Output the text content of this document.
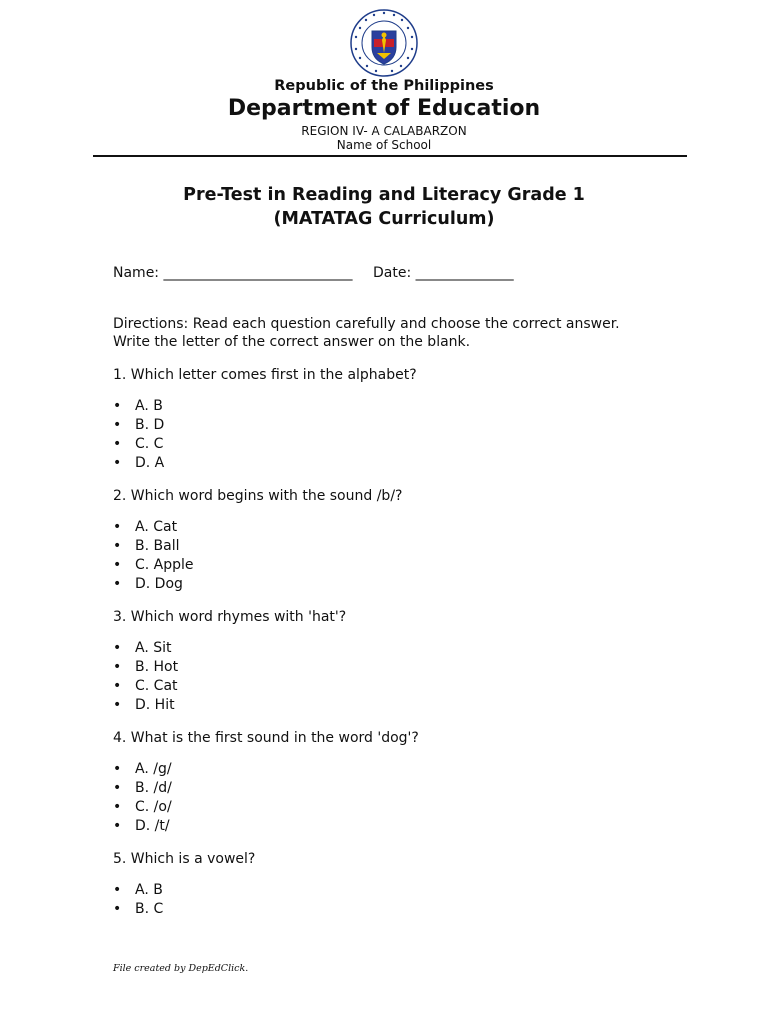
Republic of the Philippines
Department of Education
REGION IV- A CALABARZON
Name of School
Pre-Test in Reading and Literacy Grade 1
(MATATAG Curriculum)
Name: ___________________________ Date: ______________
Directions: Read each question carefully and choose the correct answer.
Write the letter of the correct answer on the blank.
1. Which letter comes first in the alphabet?
• A. B
• B. D
• C. C
• D. A
2. Which word begins with the sound /b/?
• A. Cat
• B. Ball
• C. Apple
• D. Dog
3. Which word rhymes with 'hat'?
• A. Sit
• B. Hot
• C. Cat
• D. Hit
4. What is the first sound in the word 'dog'?
• A. /g/
• B. /d/
• C. /o/
• D. /t/
5. Which is a vowel?
• A. B
• B. C
File created by DepEdClick.
